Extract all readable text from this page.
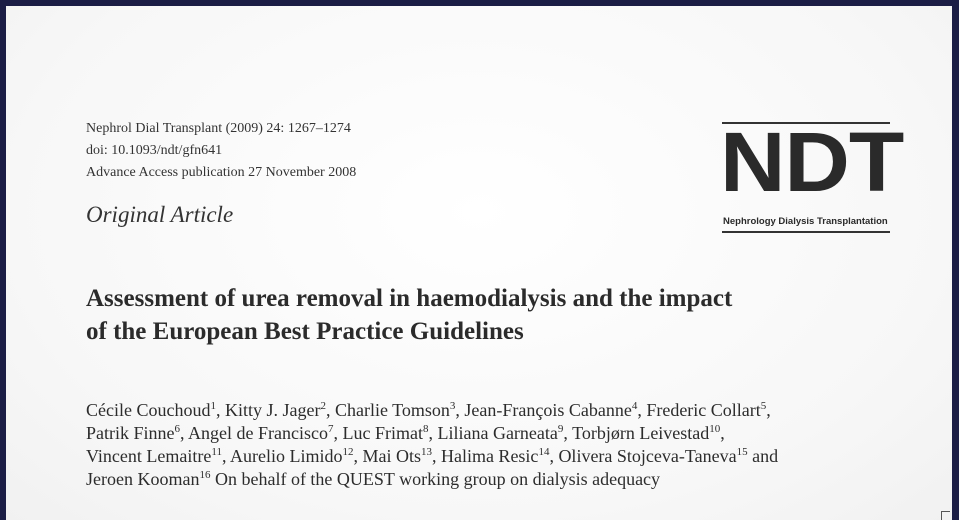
Nephrol Dial Transplant (2009) 24: 1267–1274
doi: 10.1093/ndt/gfn641
Advance Access publication 27 November 2008
Original Article
NDT
Nephrology Dialysis Transplantation
Assessment of urea removal in haemodialysis and the impact
of the European Best Practice Guidelines
Cécile Couchoud$^1$, Kitty J. Jager$^2$, Charlie Tomson$^3$, Jean-François Cabanne$^4$, Frederic Collart$^5$,
Patrik Finne$^6$, Angel de Francisco$^7$, Luc Frimat$^8$, Liliana Garneata$^9$, Torbjørn Leivestad$^{10}$,
Vincent Lemaitre$^{11}$, Aurelio Limido$^{12}$, Mai Ots$^{13}$, Halima Resic$^{14}$, Olivera Stojceva-Taneva$^{15}$ and
Jeroen Kooman$^{16}$ On behalf of the QUEST working group on dialysis adequacy
